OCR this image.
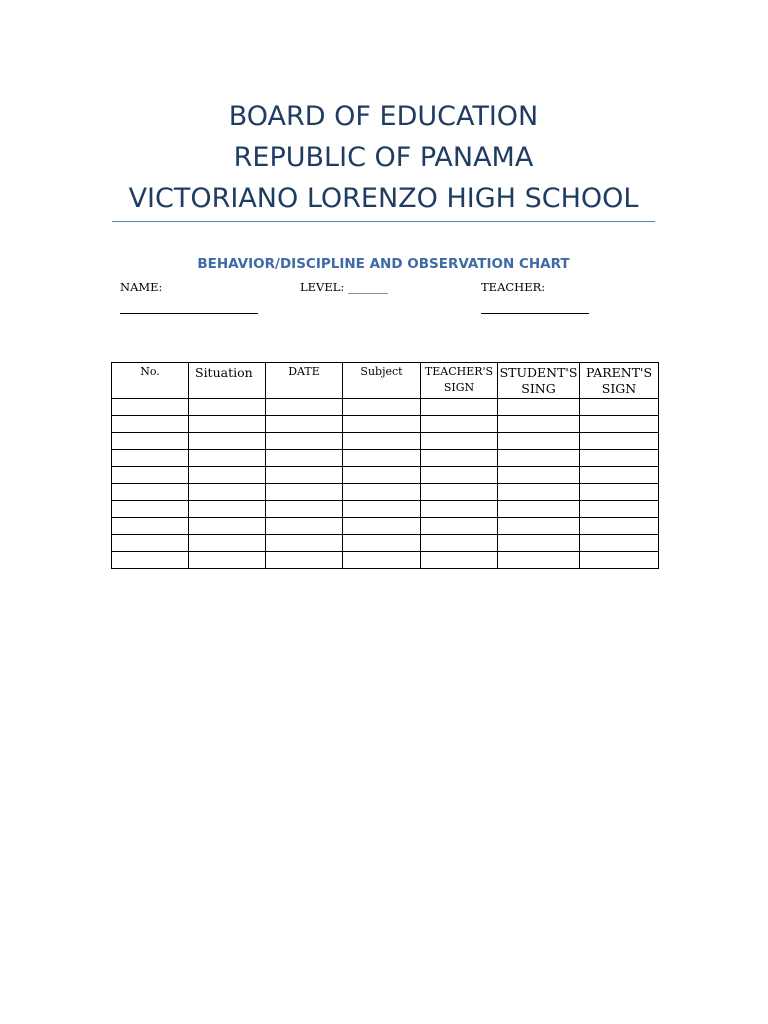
BOARD OF EDUCATION
REPUBLIC OF PANAMA
VICTORIANO LORENZO HIGH SCHOOL
BEHAVIOR/DISCIPLINE AND OBSERVATION CHART
NAME:	LEVEL: _______	TEACHER:
No.	Situation	DATE	Subject	TEACHER'S SIGN	STUDENT'S SING	PARENT'S SIGN
